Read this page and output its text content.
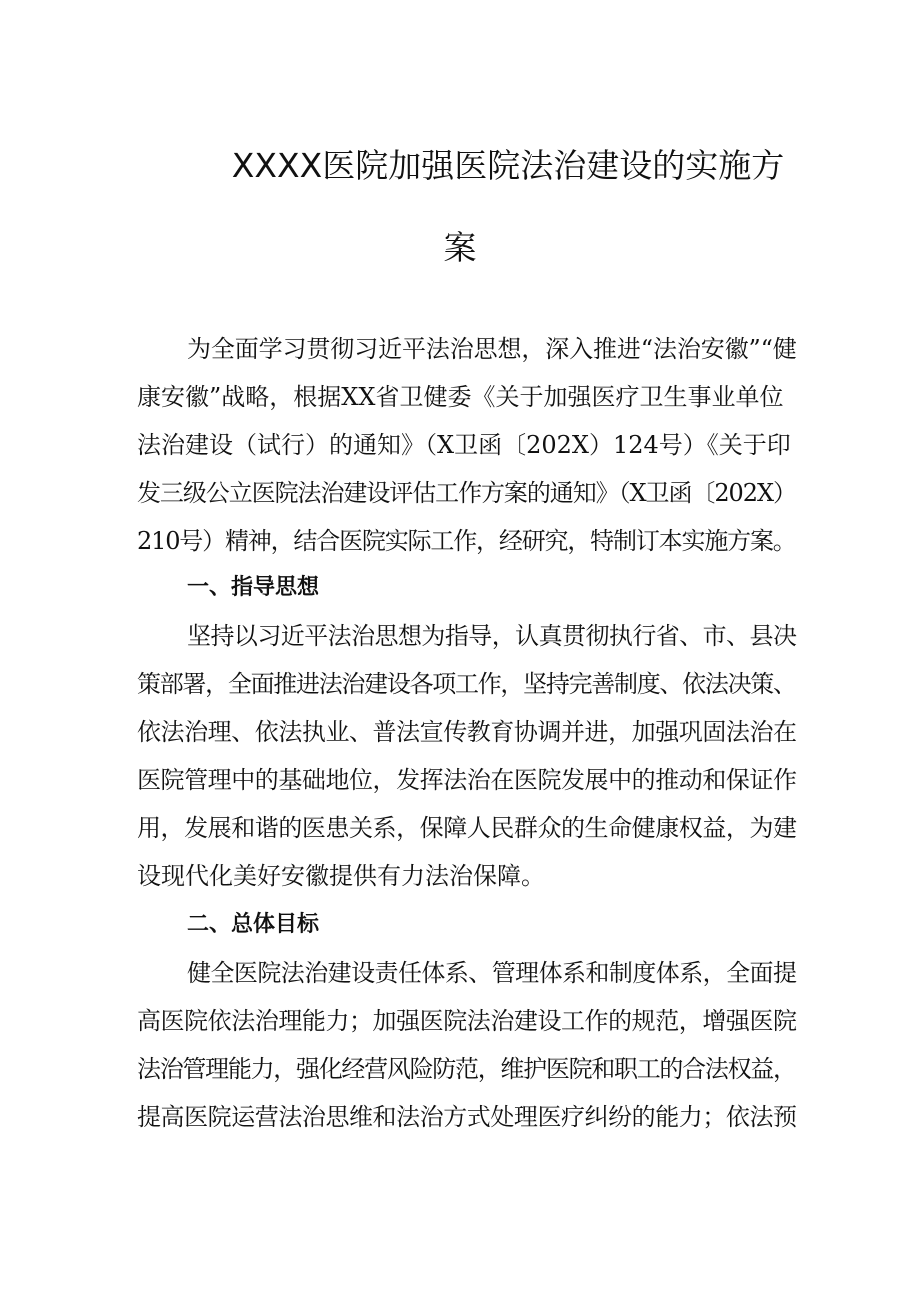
XXXX医院加强医院法治建设的实施方
案

为全面学习贯彻习近平法治思想，深入推进“法治安徽”“健

康安徽”战略，根据XX省卫健委《关于加强医疗卫生事业单位

法治建设（试行）的通知》（X卫函〔202X）124号）《关于印

发三级公立医院法治建设评估工作方案的通知》（X卫函〔202X）

210号）精神，结合医院实际工作，经研究，特制订本实施方案。

一、指导思想

坚持以习近平法治思想为指导，认真贯彻执行省、市、县决

策部署，全面推进法治建设各项工作，坚持完善制度、依法决策、

依法治理、依法执业、普法宣传教育协调并进，加强巩固法治在

医院管理中的基础地位，发挥法治在医院发展中的推动和保证作

用，发展和谐的医患关系，保障人民群众的生命健康权益，为建

设现代化美好安徽提供有力法治保障。

二、总体目标

健全医院法治建设责任体系、管理体系和制度体系，全面提

高医院依法治理能力；加强医院法治建设工作的规范，增强医院

法治管理能力，强化经营风险防范，维护医院和职工的合法权益，

提高医院运营法治思维和法治方式处理医疗纠纷的能力；依法预
